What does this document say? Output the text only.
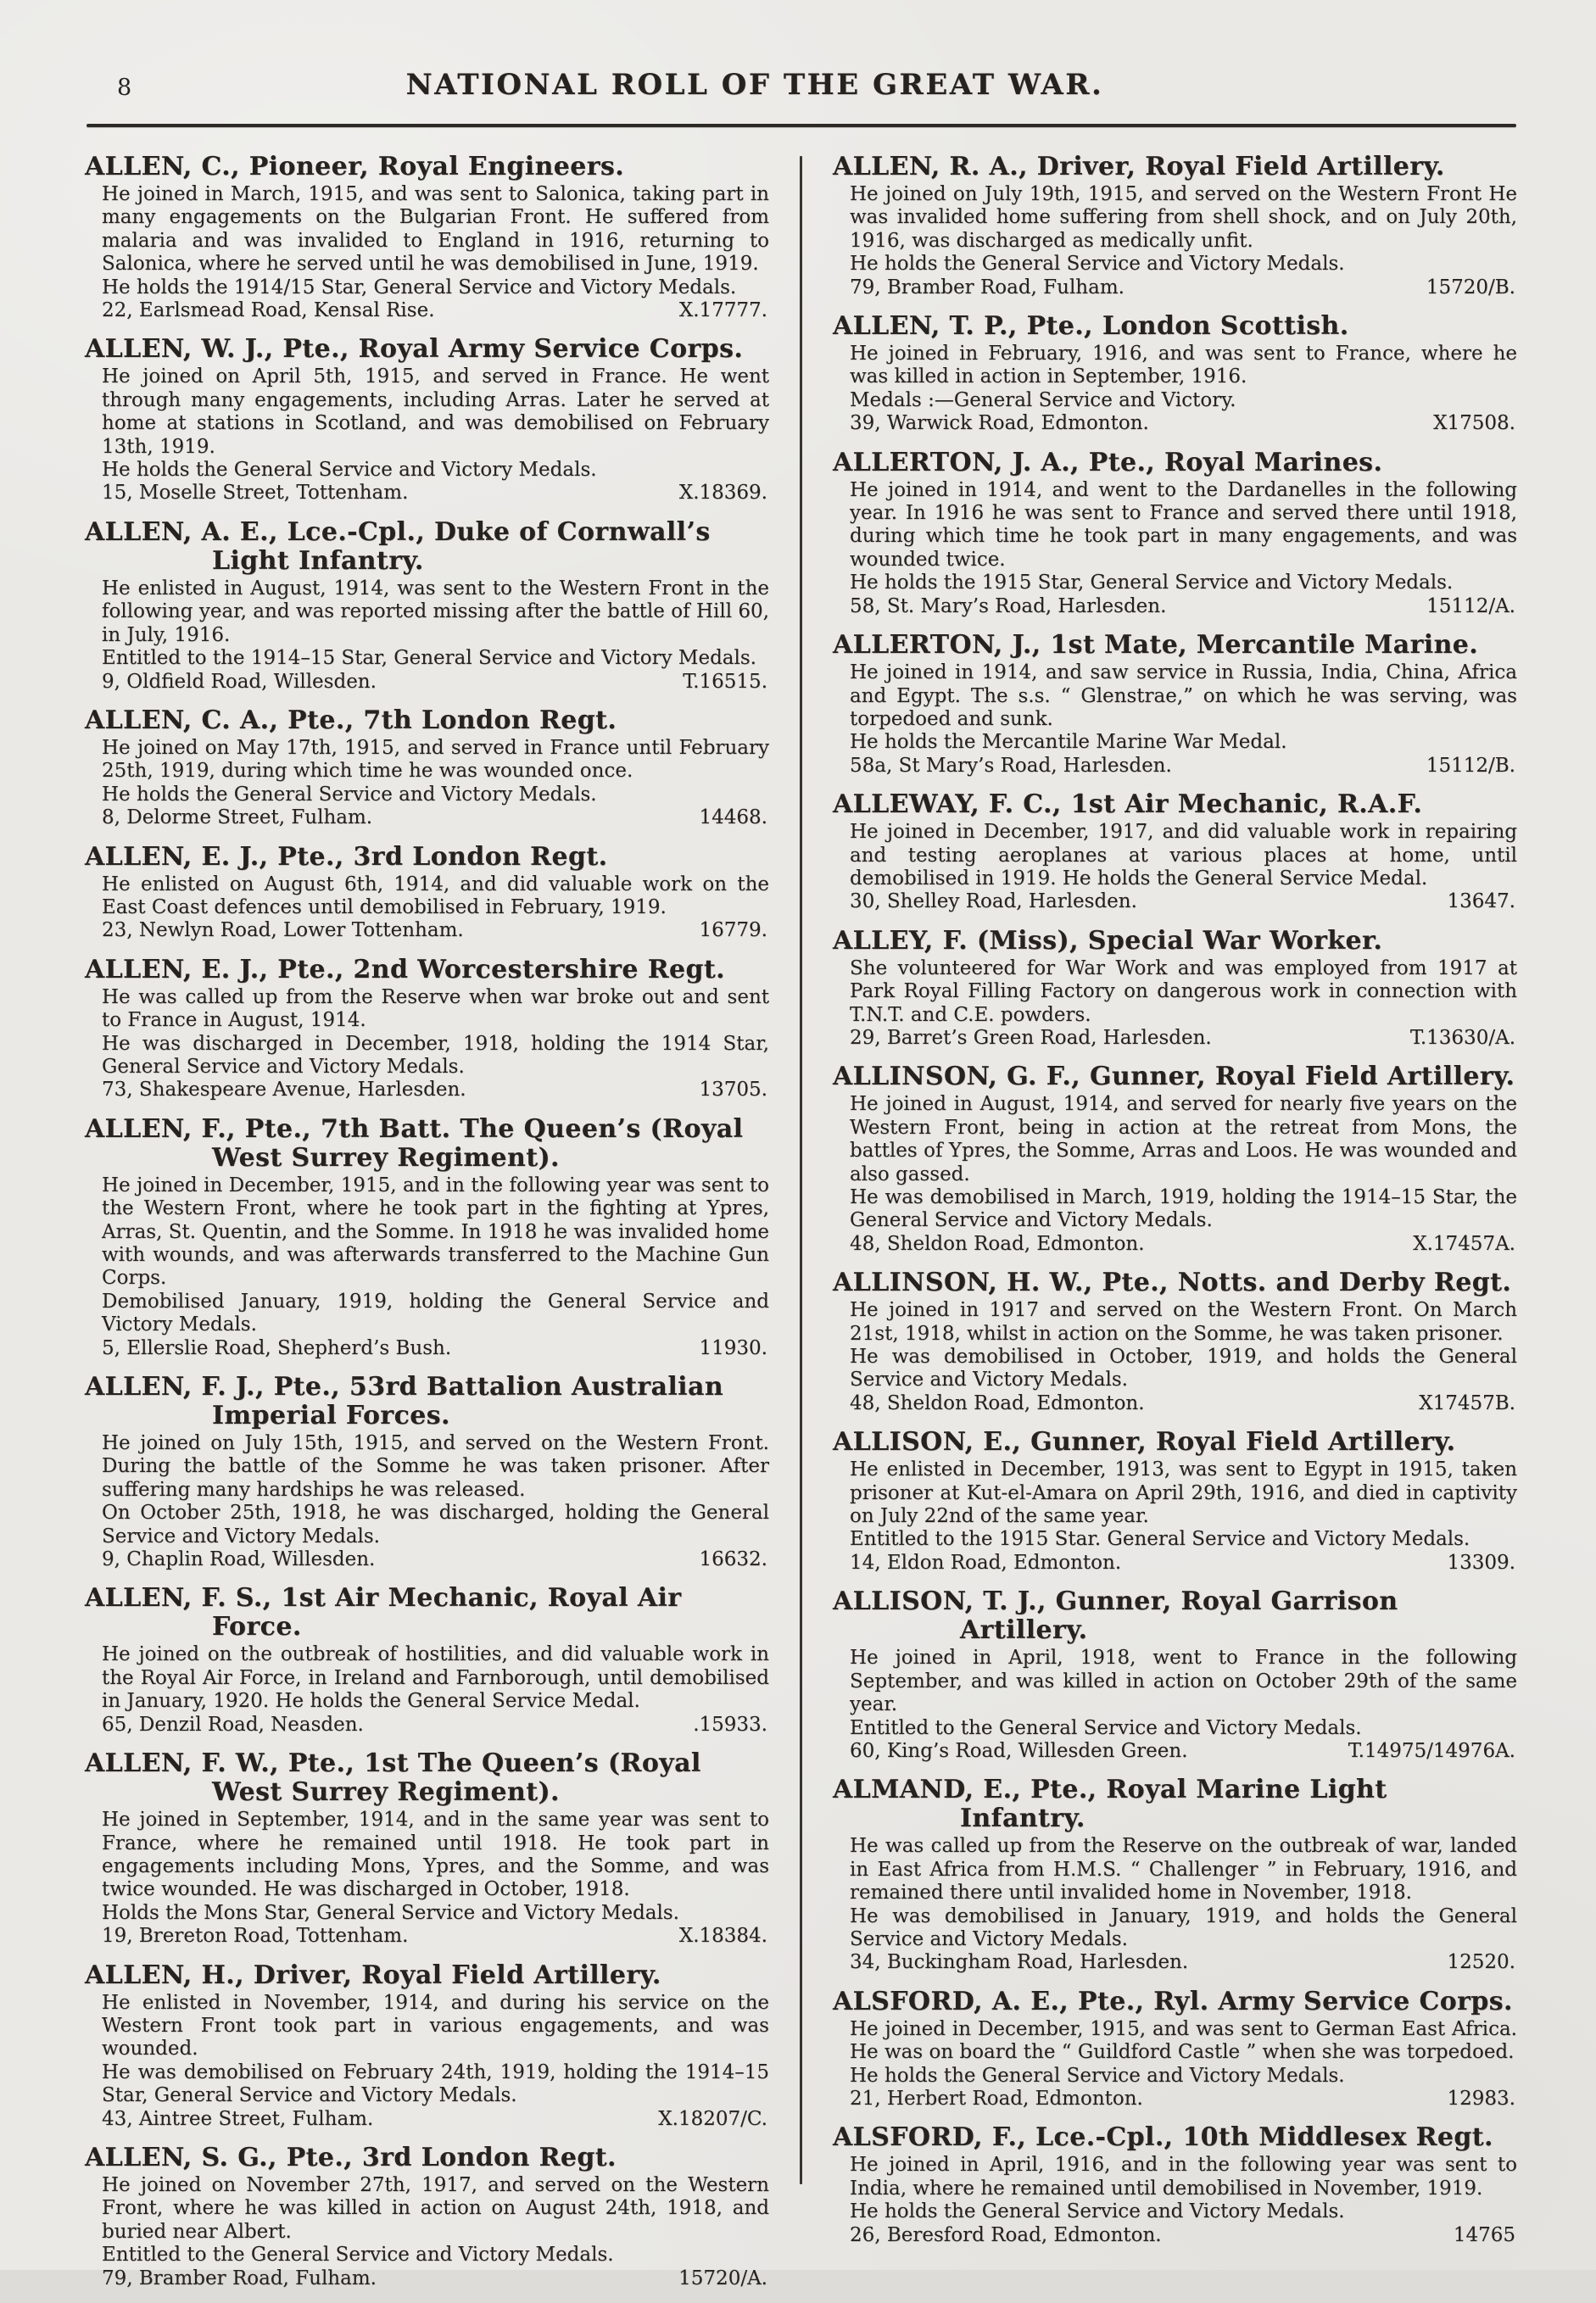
8	NATIONAL ROLL OF THE GREAT WAR.
ALLEN, C., Pioneer, Royal Engineers.

He joined in March, 1915, and was sent to Salonica, taking part in many engagements on the Bulgarian Front. He suffered from malaria and was invalided to England in 1916, returning to Salonica, where he served until he was demobilised in June, 1919.

He holds the 1914/15 Star, General Service and Victory Medals.

22, Earlsmead Road, Kensal Rise.	X.17777.
ALLEN, W. J., Pte., Royal Army Service Corps.

He joined on April 5th, 1915, and served in France. He went through many engagements, including Arras. Later he served at home at stations in Scotland, and was demobilised on February 13th, 1919.

He holds the General Service and Victory Medals.

15, Moselle Street, Tottenham.	X.18369.
ALLEN, A. E., Lce.-Cpl., Duke of Cornwall’s Light Infantry.

He enlisted in August, 1914, was sent to the Western Front in the following year, and was reported missing after the battle of Hill 60, in July, 1916.

Entitled to the 1914–15 Star, General Service and Victory Medals.

9, Oldfield Road, Willesden.	T.16515.
ALLEN, C. A., Pte., 7th London Regt.

He joined on May 17th, 1915, and served in France until February 25th, 1919, during which time he was wounded once.

He holds the General Service and Victory Medals.

8, Delorme Street, Fulham.	14468.
ALLEN, E. J., Pte., 3rd London Regt.

He enlisted on August 6th, 1914, and did valuable work on the East Coast defences until demobilised in February, 1919.

23, Newlyn Road, Lower Tottenham.	16779.
ALLEN, E. J., Pte., 2nd Worcestershire Regt.

He was called up from the Reserve when war broke out and sent to France in August, 1914.

He was discharged in December, 1918, holding the 1914 Star, General Service and Victory Medals.

73, Shakespeare Avenue, Harlesden.	13705.
ALLEN, F., Pte., 7th Batt. The Queen’s (Royal West Surrey Regiment).

He joined in December, 1915, and in the following year was sent to the Western Front, where he took part in the fighting at Ypres, Arras, St. Quentin, and the Somme. In 1918 he was invalided home with wounds, and was afterwards transferred to the Machine Gun Corps.

Demobilised January, 1919, holding the General Service and Victory Medals.

5, Ellerslie Road, Shepherd’s Bush.	11930.
ALLEN, F. J., Pte., 53rd Battalion Australian Imperial Forces.

He joined on July 15th, 1915, and served on the Western Front. During the battle of the Somme he was taken prisoner. After suffering many hardships he was released.

On October 25th, 1918, he was discharged, holding the General Service and Victory Medals.

9, Chaplin Road, Willesden.	16632.
ALLEN, F. S., 1st Air Mechanic, Royal Air Force.

He joined on the outbreak of hostilities, and did valuable work in the Royal Air Force, in Ireland and Farnborough, until demobilised in January, 1920. He holds the General Service Medal.

65, Denzil Road, Neasden.	.15933.
ALLEN, F. W., Pte., 1st The Queen’s (Royal West Surrey Regiment).

He joined in September, 1914, and in the same year was sent to France, where he remained until 1918. He took part in engagements including Mons, Ypres, and the Somme, and was twice wounded. He was discharged in October, 1918.

Holds the Mons Star, General Service and Victory Medals.

19, Brereton Road, Tottenham.	X.18384.
ALLEN, H., Driver, Royal Field Artillery.

He enlisted in November, 1914, and during his service on the Western Front took part in various engagements, and was wounded.

He was demobilised on February 24th, 1919, holding the 1914–15 Star, General Service and Victory Medals.

43, Aintree Street, Fulham.	X.18207/C.
ALLEN, S. G., Pte., 3rd London Regt.

He joined on November 27th, 1917, and served on the Western Front, where he was killed in action on August 24th, 1918, and buried near Albert.

Entitled to the General Service and Victory Medals.

79, Bramber Road, Fulham.	15720/A.
ALLEN, R. A., Driver, Royal Field Artillery.

He joined on July 19th, 1915, and served on the Western Front He was invalided home suffering from shell shock, and on July 20th, 1916, was discharged as medically unfit.

He holds the General Service and Victory Medals.

79, Bramber Road, Fulham.	15720/B.
ALLEN, T. P., Pte., London Scottish.

He joined in February, 1916, and was sent to France, where he was killed in action in September, 1916.

Medals :—General Service and Victory.

39, Warwick Road, Edmonton.	X17508.
ALLERTON, J. A., Pte., Royal Marines.

He joined in 1914, and went to the Dardanelles in the following year. In 1916 he was sent to France and served there until 1918, during which time he took part in many engagements, and was wounded twice.

He holds the 1915 Star, General Service and Victory Medals.

58, St. Mary’s Road, Harlesden.	15112/A.
ALLERTON, J., 1st Mate, Mercantile Marine.

He joined in 1914, and saw service in Russia, India, China, Africa and Egypt. The s.s. “ Glenstrae,” on which he was serving, was torpedoed and sunk.

He holds the Mercantile Marine War Medal.

58a, St Mary’s Road, Harlesden.	15112/B.
ALLEWAY, F. C., 1st Air Mechanic, R.A.F.

He joined in December, 1917, and did valuable work in repairing and testing aeroplanes at various places at home, until demobilised in 1919. He holds the General Service Medal.

30, Shelley Road, Harlesden.	13647.
ALLEY, F. (Miss), Special War Worker.

She volunteered for War Work and was employed from 1917 at Park Royal Filling Factory on dangerous work in connection with T.N.T. and C.E. powders.

29, Barret’s Green Road, Harlesden.	T.13630/A.
ALLINSON, G. F., Gunner, Royal Field Artillery.

He joined in August, 1914, and served for nearly five years on the Western Front, being in action at the retreat from Mons, the battles of Ypres, the Somme, Arras and Loos. He was wounded and also gassed.

He was demobilised in March, 1919, holding the 1914–15 Star, the General Service and Victory Medals.

48, Sheldon Road, Edmonton.	X.17457A.
ALLINSON, H. W., Pte., Notts. and Derby Regt.

He joined in 1917 and served on the Western Front. On March 21st, 1918, whilst in action on the Somme, he was taken prisoner.

He was demobilised in October, 1919, and holds the General Service and Victory Medals.

48, Sheldon Road, Edmonton.	X17457B.
ALLISON, E., Gunner, Royal Field Artillery.

He enlisted in December, 1913, was sent to Egypt in 1915, taken prisoner at Kut-el-Amara on April 29th, 1916, and died in captivity on July 22nd of the same year.

Entitled to the 1915 Star. General Service and Victory Medals.

14, Eldon Road, Edmonton.	13309.
ALLISON, T. J., Gunner, Royal Garrison Artillery.

He joined in April, 1918, went to France in the following September, and was killed in action on October 29th of the same year.

Entitled to the General Service and Victory Medals.

60, King’s Road, Willesden Green.	T.14975/14976A.
ALMAND, E., Pte., Royal Marine Light Infantry.

He was called up from the Reserve on the outbreak of war, landed in East Africa from H.M.S. “ Challenger ” in February, 1916, and remained there until invalided home in November, 1918.

He was demobilised in January, 1919, and holds the General Service and Victory Medals.

34, Buckingham Road, Harlesden.	12520.
ALSFORD, A. E., Pte., Ryl. Army Service Corps.

He joined in December, 1915, and was sent to German East Africa. He was on board the “ Guildford Castle ” when she was torpedoed.

He holds the General Service and Victory Medals.

21, Herbert Road, Edmonton.	12983.
ALSFORD, F., Lce.-Cpl., 10th Middlesex Regt.

He joined in April, 1916, and in the following year was sent to India, where he remained until demobilised in November, 1919.

He holds the General Service and Victory Medals.

26, Beresford Road, Edmonton.	14765
